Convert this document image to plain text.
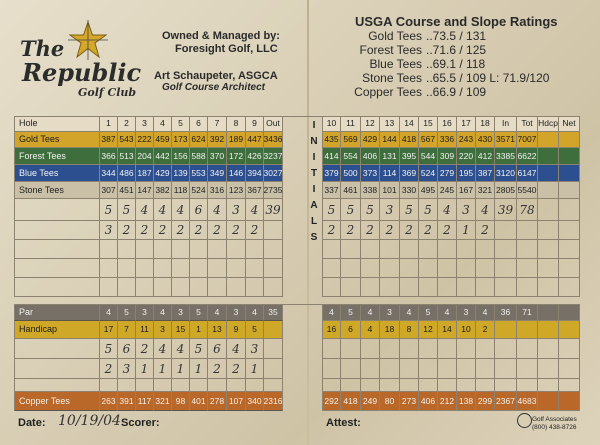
The
Republic
Golf Club
Owned & Managed by:
Foresight Golf, LLC
Art Schaupeter, ASGCA
Golf Course Architect
USGA Course and Slope Ratings
Gold Tees ..73.5 / 131
Forest Tees ..71.6 / 125
Blue Tees ..69.1 / 118
Stone Tees ..65.5 / 109 L: 71.9/120
Copper Tees ..66.9 / 109
Hole	1	2	3	4	5	6	7	8	9	Out	10	11	12	13	14	15	16	17	18	In	Tot Hdcp Net
Gold Tees	387 543 222 459 173 624 392 189 447 3436	435 569 429 144 418 567 336 243 430 3571 7007
Forest Tees	366 513 204 442 156 588 370 172 426 3237	414 554 406 131 395 544 309 220 412 3385 6622
Blue Tees	344 486 187 429 139 553 349 146 394 3027	379 500 373 114 369 524 279 195 387 3120 6147
Stone Tees	307 451 147 382 118 524 316 123 367 2735	337 461 338 101 330 495 245 167 321 2805 5540
5 5 4 4 4 6 4 3 4 39	5 5 5 3 5 5 4 3 4 39 78
3 2 2 2 2 2 2 2 2	2 2 2 2 2 2 2 1 2
Par	4	5	3	4	3	5	4	3	4	35	4	5	4	3	4	5	4	3	4	36	71
Handicap	17	7	11	3	15	1	13	9	5	16	6	4	18	8	12	14	10	2
5 6 2 4 4 5 6 4 3
2 3 1 1 1 1 2 2 1
Copper Tees	263 391 117 321 98 401 278 107 340 2316	292 418 249 80 273 406 212 138 299 2367 4683
I
N
I
T
I
A
L
S
Date: 10/19/04 Scorer:	Attest:	Golf Associates
(800) 438-8726
